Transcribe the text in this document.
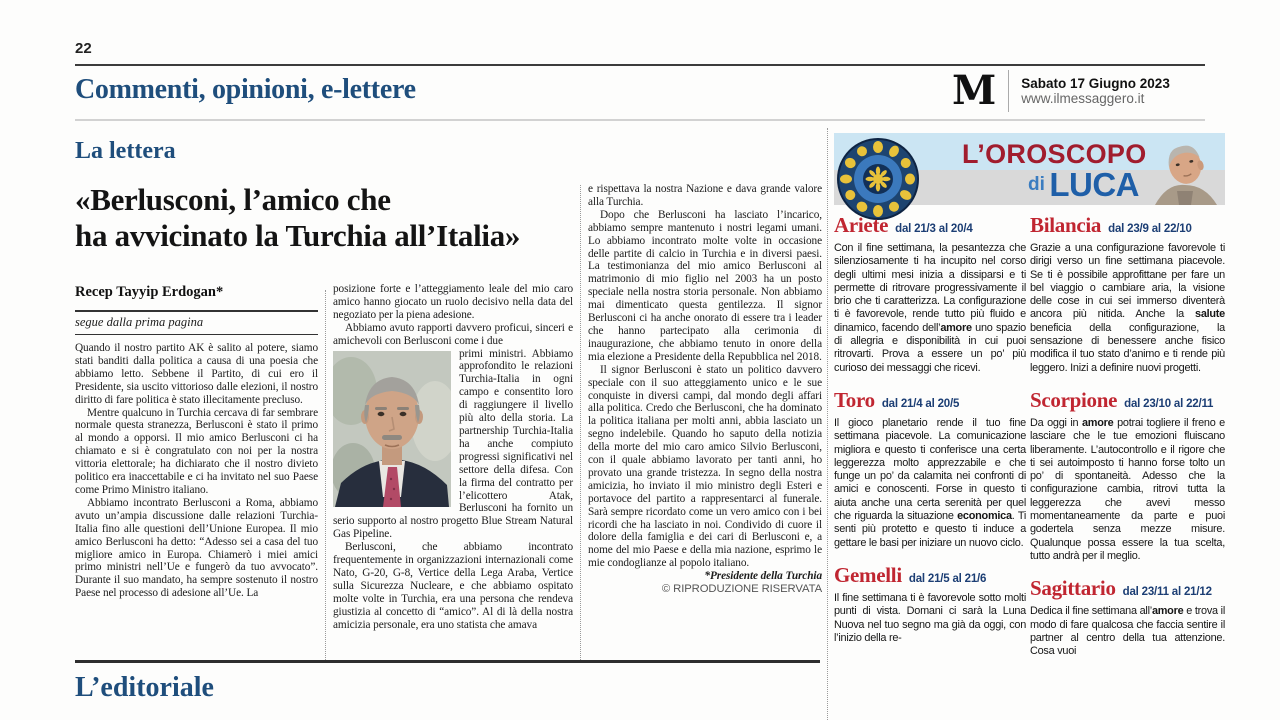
22
Commenti, opinioni, e-lettere	M Sabato 17 Giugno 2023
www.ilmessaggero.it
La lettera
«Berlusconi, l’amico che
ha avvicinato la Turchia all’Italia»
Recep Tayyip Erdogan*
segue dalla prima pagina

Quando il nostro partito AK è salito al potere, siamo stati banditi dalla politica a causa di una poesia che abbiamo letto. Sebbene il Partito, di cui ero il Presidente, sia uscito vittorioso dalle elezioni, il nostro diritto di fare politica è stato illecitamente precluso.

Mentre qualcuno in Turchia cercava di far sembrare normale questa stranezza, Berlusconi è stato il primo al mondo a opporsi. Il mio amico Berlusconi ci ha chiamato e si è congratulato con noi per la nostra vittoria elettorale; ha dichiarato che il nostro divieto politico era inaccettabile e ci ha invitato nel suo Paese come Primo Ministro italiano.

Abbiamo incontrato Berlusconi a Roma, abbiamo avuto un’ampia discussione dalle relazioni Turchia-Italia fino alle questioni dell’Unione Europea. Il mio amico Berlusconi ha detto: “Adesso sei a casa del tuo migliore amico in Europa. Chiamerò i miei amici primo ministri nell’Ue e fungerò da tuo avvocato”. Durante il suo mandato, ha sempre sostenuto il nostro Paese nel processo di adesione all’Ue. La

posizione forte e l’atteggiamento leale del mio caro amico hanno giocato un ruolo decisivo nella data del negoziato per la piena adesione.

Abbiamo avuto rapporti davvero proficui, sinceri e amichevoli con Berlusconi come i due

primi ministri. Abbiamo approfondito le relazioni Turchia-Italia in ogni campo e consentito loro di raggiungere il livello più alto della storia. La partnership Turchia-Italia ha anche compiuto progressi significativi nel settore della difesa. Con la firma del contratto per l’elicottero Atak, Berlusconi ha fornito un serio supporto al nostro progetto Blue Stream Natural Gas Pipeline.

Berlusconi, che abbiamo incontrato frequentemente in organizzazioni internazionali come Nato, G-20, G-8, Vertice della Lega Araba, Vertice sulla Sicurezza Nucleare, e che abbiamo ospitato molte volte in Turchia, era una persona che rendeva giustizia al concetto di “amico”. Al di là della nostra amicizia personale, era uno statista che amava

e rispettava la nostra Nazione e dava grande valore alla Turchia.

Dopo che Berlusconi ha lasciato l’incarico, abbiamo sempre mantenuto i nostri legami umani. Lo abbiamo incontrato molte volte in occasione delle partite di calcio in Turchia e in diversi paesi. La testimonianza del mio amico Berlusconi al matrimonio di mio figlio nel 2003 ha un posto speciale nella nostra storia personale. Non abbiamo mai dimenticato questa gentilezza. Il signor Berlusconi ci ha anche onorato di essere tra i leader che hanno partecipato alla cerimonia di inaugurazione, che abbiamo tenuto in onore della mia elezione a Presidente della Repubblica nel 2018.

Il signor Berlusconi è stato un politico davvero speciale con il suo atteggiamento unico e le sue conquiste in diversi campi, dal mondo degli affari alla politica. Credo che Berlusconi, che ha dominato la politica italiana per molti anni, abbia lasciato un segno indelebile. Quando ho saputo della notizia della morte del mio caro amico Silvio Berlusconi, con il quale abbiamo lavorato per tanti anni, ho provato una grande tristezza. In segno della nostra amicizia, ho inviato il mio ministro degli Esteri e portavoce del partito a rappresentarci al funerale. Sarà sempre ricordato come un vero amico con i bei ricordi che ha lasciato in noi. Condivido di cuore il dolore della famiglia e dei cari di Berlusconi e, a nome del mio Paese e della mia nazione, esprimo le mie condoglianze al popolo italiano.

*Presidente della Turchia

© RIPRODUZIONE RISERVATA

L’editoriale
L’OROSCOPO
di LUCA
Ariete dal 21/3 al 20/4

Con il fine settimana, la pesantezza che silenziosamente ti ha incupito nel corso degli ultimi mesi inizia a dissiparsi e ti permette di ritrovare progressivamente il brio che ti caratterizza. La configurazione ti è favorevole, rende tutto più fluido e dinamico, facendo dell’amore uno spazio di allegria e disponibilità in cui puoi ritrovarti. Prova a essere un po’ più curioso dei messaggi che ricevi.

Toro dal 21/4 al 20/5

Il gioco planetario rende il tuo fine settimana piacevole. La comunicazione migliora e questo ti conferisce una certa leggerezza molto apprezzabile e che funge un po’ da calamita nei confronti di amici e conoscenti. Forse in questo ti aiuta anche una certa serenità per quel che riguarda la situazione economica. Ti senti più protetto e questo ti induce a gettare le basi per iniziare un nuovo ciclo.

Gemelli dal 21/5 al 21/6

Il fine settimana ti è favorevole sotto molti punti di vista. Domani ci sarà la Luna Nuova nel tuo segno ma già da oggi, con l’inizio della re-

Bilancia dal 23/9 al 22/10

Grazie a una configurazione favorevole ti dirigi verso un fine settimana piacevole. Se ti è possibile approfittane per fare un bel viaggio o cambiare aria, la visione delle cose in cui sei immerso diventerà ancora più nitida. Anche la salute beneficia della configurazione, la sensazione di benessere anche fisico modifica il tuo stato d’animo e ti rende più leggero. Inizi a definire nuovi progetti.

Scorpione dal 23/10 al 22/11

Da oggi in amore potrai togliere il freno e lasciare che le tue emozioni fluiscano liberamente. L’autocontrollo e il rigore che ti sei autoimposto ti hanno forse tolto un po’ di spontaneità. Adesso che la configurazione cambia, ritrovi tutta la leggerezza che avevi messo momentaneamente da parte e puoi godertela senza mezze misure. Qualunque possa essere la tua scelta, tutto andrà per il meglio.

Sagittario dal 23/11 al 21/12

Dedica il fine settimana all’amore e trova il modo di fare qualcosa che faccia sentire il partner al centro della tua attenzione. Cosa vuoi
